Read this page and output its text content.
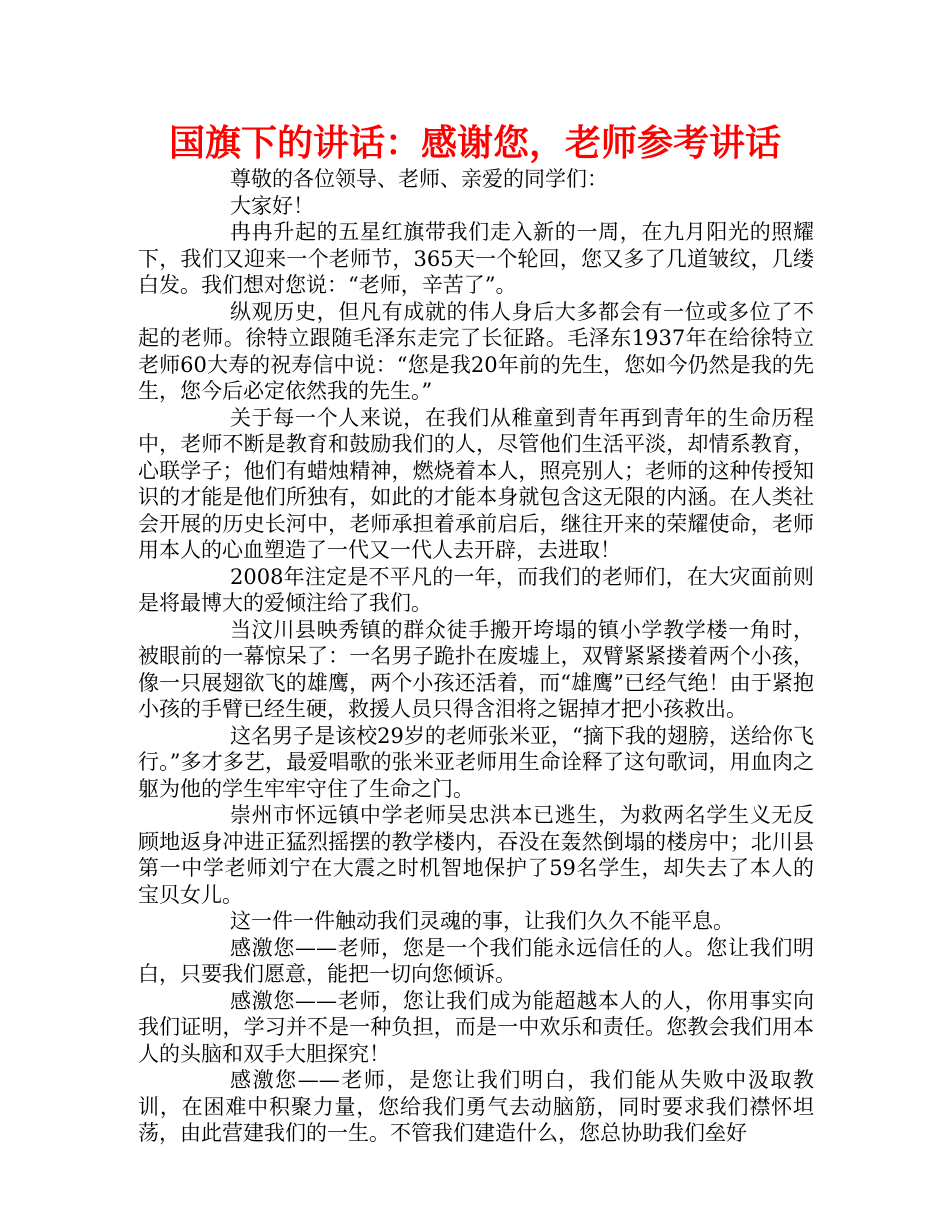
国旗下的讲话：感谢您，老师参考讲话

尊敬的各位领导、老师、亲爱的同学们：

大家好！

冉冉升起的五星红旗带我们走入新的一周，在九月阳光的照耀下，我们又迎来一个老师节，365天一个轮回，您又多了几道皱纹，几缕白发。我们想对您说：“老师，辛苦了”。

纵观历史，但凡有成就的伟人身后大多都会有一位或多位了不起的老师。徐特立跟随毛泽东走完了长征路。毛泽东1937年在给徐特立老师60大寿的祝寿信中说：“您是我20年前的先生，您如今仍然是我的先生，您今后必定依然我的先生。”

关于每一个人来说，在我们从稚童到青年再到青年的生命历程中，老师不断是教育和鼓励我们的人，尽管他们生活平淡，却情系教育，心联学子；他们有蜡烛精神，燃烧着本人，照亮别人；老师的这种传授知识的才能是他们所独有，如此的才能本身就包含这无限的内涵。在人类社会开展的历史长河中，老师承担着承前启后，继往开来的荣耀使命，老师用本人的心血塑造了一代又一代人去开辟，去进取！

2008年注定是不平凡的一年，而我们的老师们，在大灾面前则是将最博大的爱倾注给了我们。

当汶川县映秀镇的群众徒手搬开垮塌的镇小学教学楼一角时，被眼前的一幕惊呆了：一名男子跪扑在废墟上，双臂紧紧搂着两个小孩，像一只展翅欲飞的雄鹰，两个小孩还活着，而“雄鹰”已经气绝！由于紧抱小孩的手臂已经生硬，救援人员只得含泪将之锯掉才把小孩救出。

这名男子是该校29岁的老师张米亚，“摘下我的翅膀，送给你飞行。”多才多艺，最爱唱歌的张米亚老师用生命诠释了这句歌词，用血肉之躯为他的学生牢牢守住了生命之门。

崇州市怀远镇中学老师吴忠洪本已逃生，为救两名学生义无反顾地返身冲进正猛烈摇摆的教学楼内，吞没在轰然倒塌的楼房中；北川县第一中学老师刘宁在大震之时机智地保护了59名学生，却失去了本人的宝贝女儿。

这一件一件触动我们灵魂的事，让我们久久不能平息。

感激您——老师，您是一个我们能永远信任的人。您让我们明白，只要我们愿意，能把一切向您倾诉。

感激您——老师，您让我们成为能超越本人的人，你用事实向我们证明，学习并不是一种负担，而是一中欢乐和责任。您教会我们用本人的头脑和双手大胆探究！

感激您——老师，是您让我们明白，我们能从失败中汲取教训，在困难中积聚力量，您给我们勇气去动脑筋，同时要求我们襟怀坦荡，由此营建我们的一生。不管我们建造什么，您总协助我们垒好
